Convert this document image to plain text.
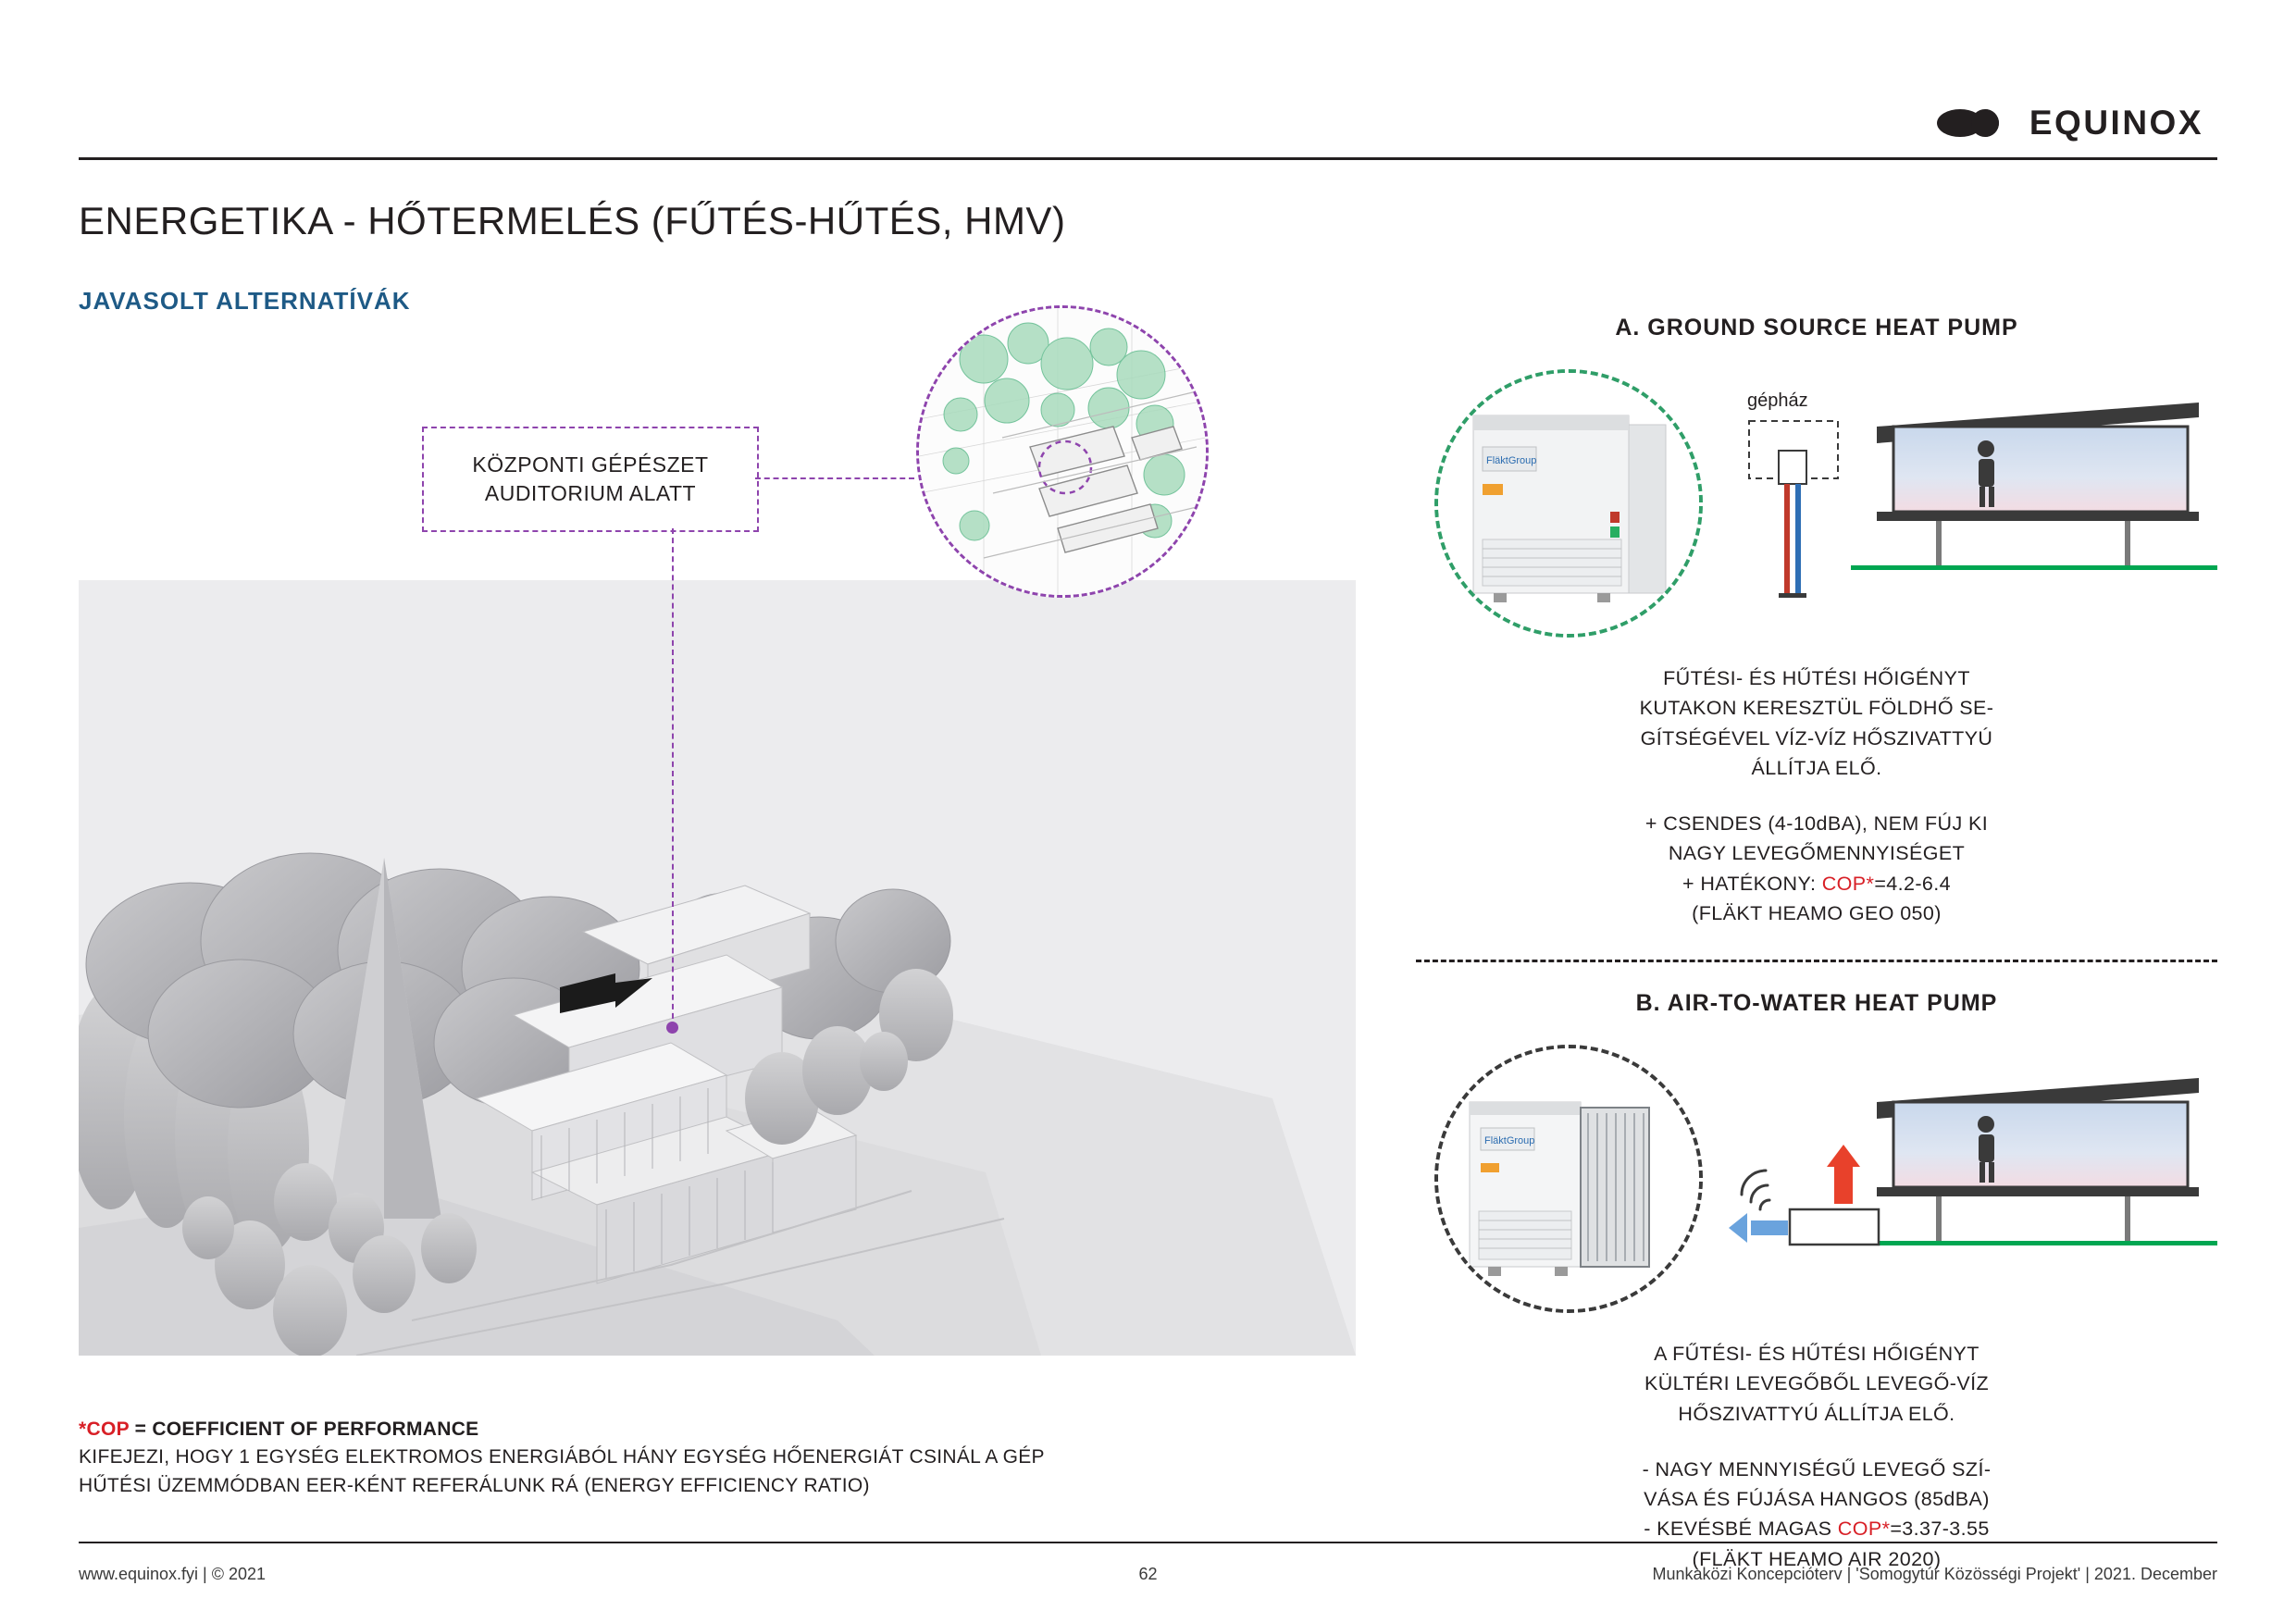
EQUINOX
ENERGETIKA - HŐTERMELÉS (FŰTÉS-HŰTÉS, HMV)
JAVASOLT ALTERNATÍVÁK
KÖZPONTI GÉPÉSZET
AUDITORIUM ALATT
*COP = COEFFICIENT OF PERFORMANCE
KIFEJEZI, HOGY 1 EGYSÉG ELEKTROMOS ENERGIÁBÓL HÁNY EGYSÉG HŐENERGIÁT CSINÁL A GÉP
HŰTÉSI ÜZEMMÓDBAN EER-KÉNT REFERÁLUNK RÁ (ENERGY EFFICIENCY RATIO)
A. GROUND SOURCE HEAT PUMP
FläktGroup
gépház
FŰTÉSI- ÉS HŰTÉSI HŐIGÉNYT
KUTAKON KERESZTÜL FÖLDHŐ SE-
GÍTSÉGÉVEL VÍZ-VÍZ HŐSZIVATTYÚ
ÁLLÍTJA ELŐ.
+ CSENDES (4-10dBA), NEM FÚJ KI
NAGY LEVEGŐMENNYISÉGET
+ HATÉKONY: COP*=4.2-6.4
(FLÄKT HEAMO GEO 050)
B. AIR-TO-WATER HEAT PUMP
FläktGroup
A FŰTÉSI- ÉS HŰTÉSI HŐIGÉNYT
KÜLTÉRI LEVEGŐBŐL LEVEGŐ-VÍZ
HŐSZIVATTYÚ ÁLLÍTJA ELŐ.
- NAGY MENNYISÉGŰ LEVEGŐ SZÍ-
VÁSA ÉS FÚJÁSA HANGOS (85dBA)
- KEVÉSBÉ MAGAS COP*=3.37-3.55
(FLÄKT HEAMO AIR 2020)
www.equinox.fyi | © 2021	Munkaközi Koncepcióterv | 'Somogytúr Közösségi Projekt' | 2021. December
62
